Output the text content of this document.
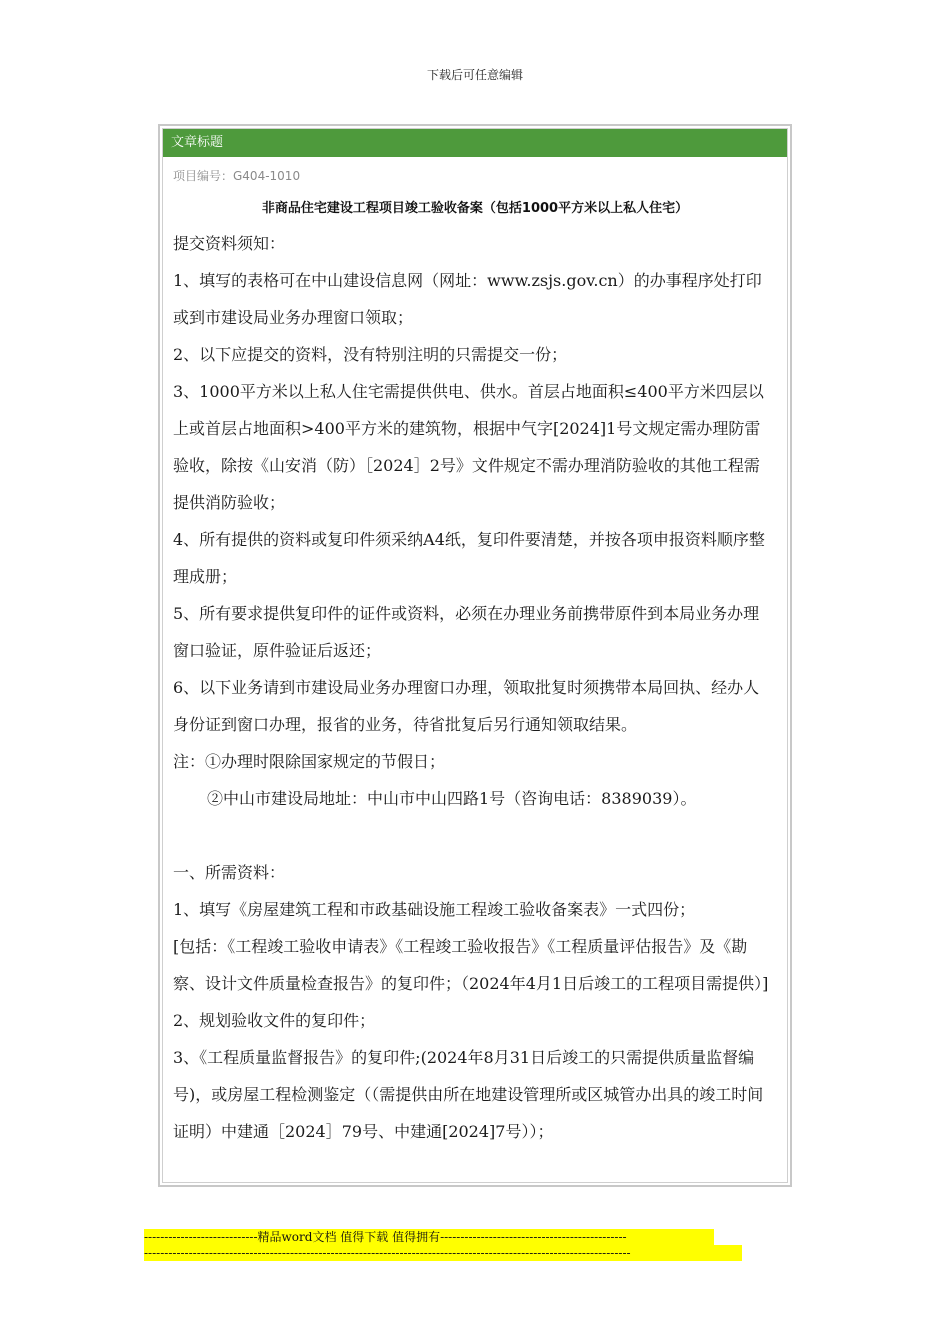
下载后可任意编辑
文章标题
项目编号：G404-1010
非商品住宅建设工程项目竣工验收备案（包括1000平方米以上私人住宅）

提交资料须知：

1、填写的表格可在中山建设信息网（网址：www.zsjs.gov.cn）的办事程序处打印或到市建设局业务办理窗口领取；

2、以下应提交的资料，没有特别注明的只需提交一份；

3、1000平方米以上私人住宅需提供供电、供水。首层占地面积≤400平方米四层以上或首层占地面积>400平方米的建筑物，根据中气字[2024]1号文规定需办理防雷验收，除按《山安消（防）［2024］2号》文件规定不需办理消防验收的其他工程需提供消防验收；

4、所有提供的资料或复印件须采纳A4纸，复印件要清楚，并按各项申报资料顺序整理成册；

5、所有要求提供复印件的证件或资料，必须在办理业务前携带原件到本局业务办理窗口验证，原件验证后返还；

6、以下业务请到市建设局业务办理窗口办理，领取批复时须携带本局回执、经办人身份证到窗口办理，报省的业务，待省批复后另行通知领取结果。

注：①办理时限除国家规定的节假日；

②中山市建设局地址：中山市中山四路1号（咨询电话：8389039）。

一、所需资料：

1、填写《房屋建筑工程和市政基础设施工程竣工验收备案表》一式四份；

[包括：《工程竣工验收申请表》《工程竣工验收报告》《工程质量评估报告》及《勘察、设计文件质量检查报告》的复印件；（2024年4月1日后竣工的工程项目需提供）]

2、规划验收文件的复印件；

3、《工程质量监督报告》的复印件;(2024年8月31日后竣工的只需提供质量监督编号)，或房屋工程检测鉴定（（需提供由所在地建设管理所或区城管办出具的竣工时间证明）中建通［2024］79号、中建通[2024]7号））；

----------------------------精品word文档 值得下载 值得拥有----------------------------------------------
------------------------------------------------------------------------------------------------------------------------
